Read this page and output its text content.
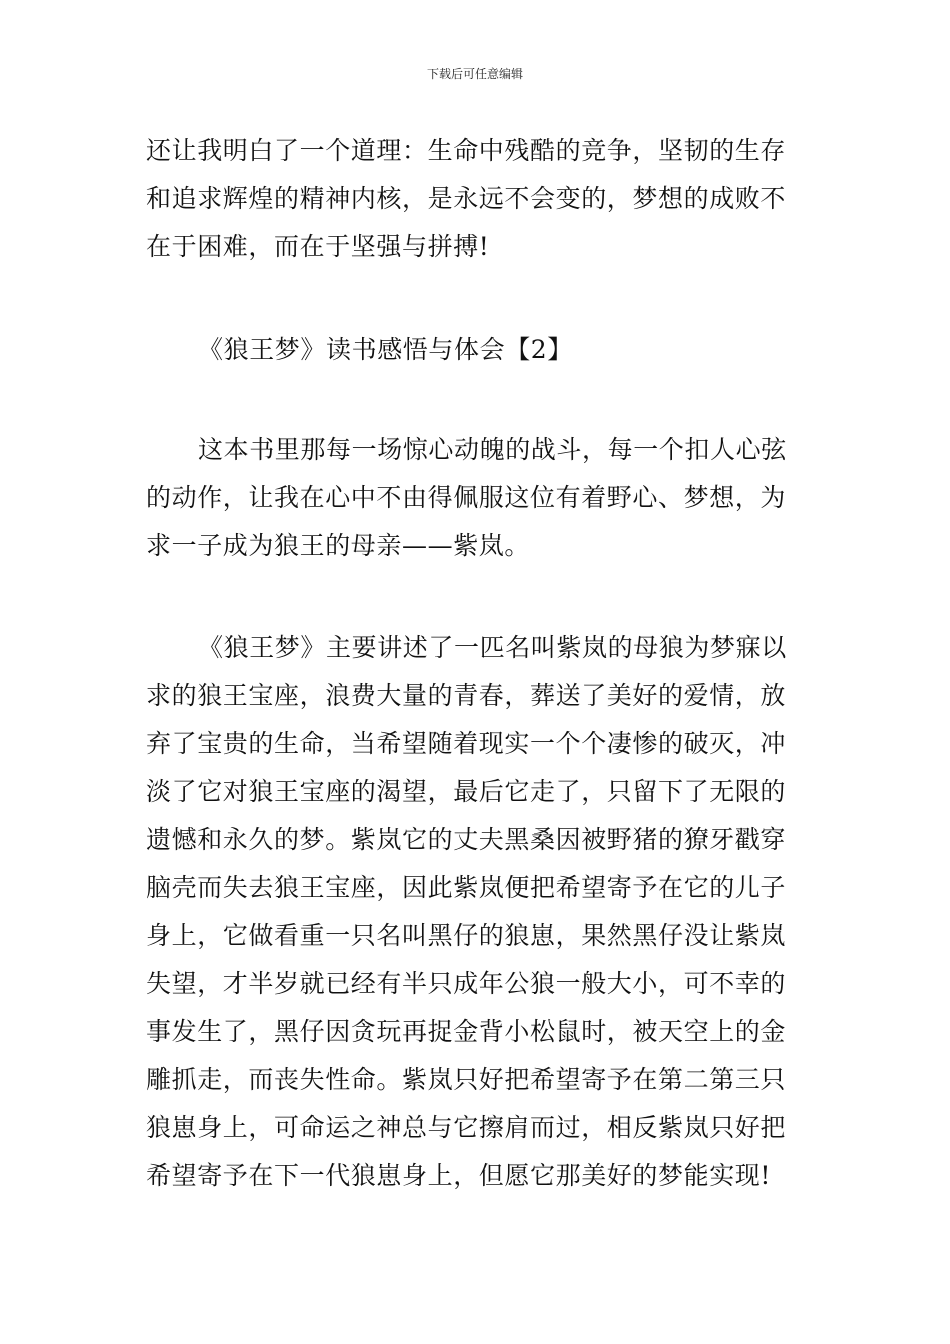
下载后可任意编辑
还让我明白了一个道理：生命中残酷的竞争，坚韧的生存
和追求辉煌的精神内核，是永远不会变的，梦想的成败不
在于困难，而在于坚强与拼搏!
《狼王梦》读书感悟与体会【2】
这本书里那每一场惊心动魄的战斗，每一个扣人心弦
的动作，让我在心中不由得佩服这位有着野心、梦想，为
求一子成为狼王的母亲——紫岚。
《狼王梦》主要讲述了一匹名叫紫岚的母狼为梦寐以
求的狼王宝座，浪费大量的青春，葬送了美好的爱情，放
弃了宝贵的生命，当希望随着现实一个个凄惨的破灭，冲
淡了它对狼王宝座的渴望，最后它走了，只留下了无限的
遗憾和永久的梦。紫岚它的丈夫黑桑因被野猪的獠牙戳穿
脑壳而失去狼王宝座，因此紫岚便把希望寄予在它的儿子
身上，它做看重一只名叫黑仔的狼崽，果然黑仔没让紫岚
失望，才半岁就已经有半只成年公狼一般大小，可不幸的
事发生了，黑仔因贪玩再捉金背小松鼠时，被天空上的金
雕抓走，而丧失性命。紫岚只好把希望寄予在第二第三只
狼崽身上，可命运之神总与它擦肩而过，相反紫岚只好把
希望寄予在下一代狼崽身上，但愿它那美好的梦能实现!
